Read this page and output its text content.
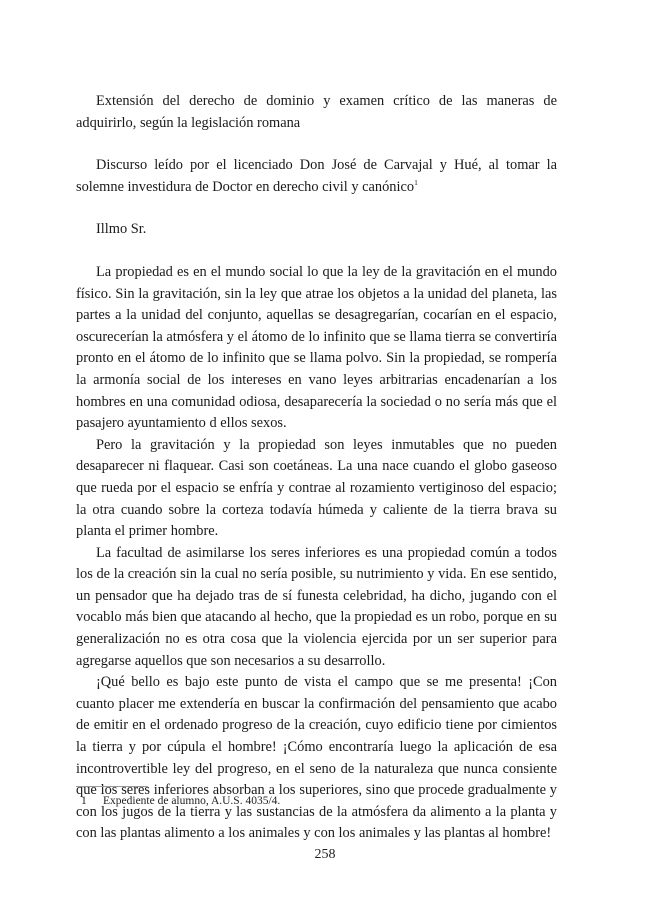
Extensión del derecho de dominio y examen crítico de las maneras de adquirirlo, según la legislación romana

Discurso leído por el licenciado Don José de Carvajal y Hué, al tomar la solemne investidura de Doctor en derecho civil y canónico$^1$

Illmo Sr.

La propiedad es en el mundo social lo que la ley de la gravitación en el mundo físico. Sin la gravitación, sin la ley que atrae los objetos a la unidad del planeta, las partes a la unidad del conjunto, aquellas se desagregarían, cocarían en el espacio, oscurecerían la atmósfera y el átomo de lo infinito que se llama tierra se convertiría pronto en el átomo de lo infinito que se llama polvo. Sin la propiedad, se rompería la armonía social de los intereses en vano leyes arbitrarias encadenarían a los hombres en una comunidad odiosa, desaparecería la sociedad o no sería más que el pasajero ayuntamiento d ellos sexos.

Pero la gravitación y la propiedad son leyes inmutables que no pueden desaparecer ni flaquear. Casi son coetáneas. La una nace cuando el globo gaseoso que rueda por el espacio se enfría y contrae al rozamiento vertiginoso del espacio; la otra cuando sobre la corteza todavía húmeda y caliente de la tierra brava su planta el primer hombre.

La facultad de asimilarse los seres inferiores es una propiedad común a todos los de la creación sin la cual no sería posible, su nutrimiento y vida. En ese sentido, un pensador que ha dejado tras de sí funesta celebridad, ha dicho, jugando con el vocablo más bien que atacando al hecho, que la propiedad es un robo, porque en su generalización no es otra cosa que la violencia ejercida por un ser superior para agregarse aquellos que son necesarios a su desarrollo.

¡Qué bello es bajo este punto de vista el campo que se me presenta! ¡Con cuanto placer me extendería en buscar la confirmación del pensamiento que acabo de emitir en el ordenado progreso de la creación, cuyo edificio tiene por cimientos la tierra y por cúpula el hombre! ¡Cómo encontraría luego la aplicación de esa incontrovertible ley del progreso, en el seno de la naturaleza que nunca consiente que los seres inferiores absorban a los superiores, sino que procede gradualmente y con los jugos de la tierra y las sustancias de la atmósfera da alimento a la planta y con las plantas alimento a los animales y con los animales y las plantas al hombre!

1 Expediente de alumno, A.U.S. 4035/4.
258
